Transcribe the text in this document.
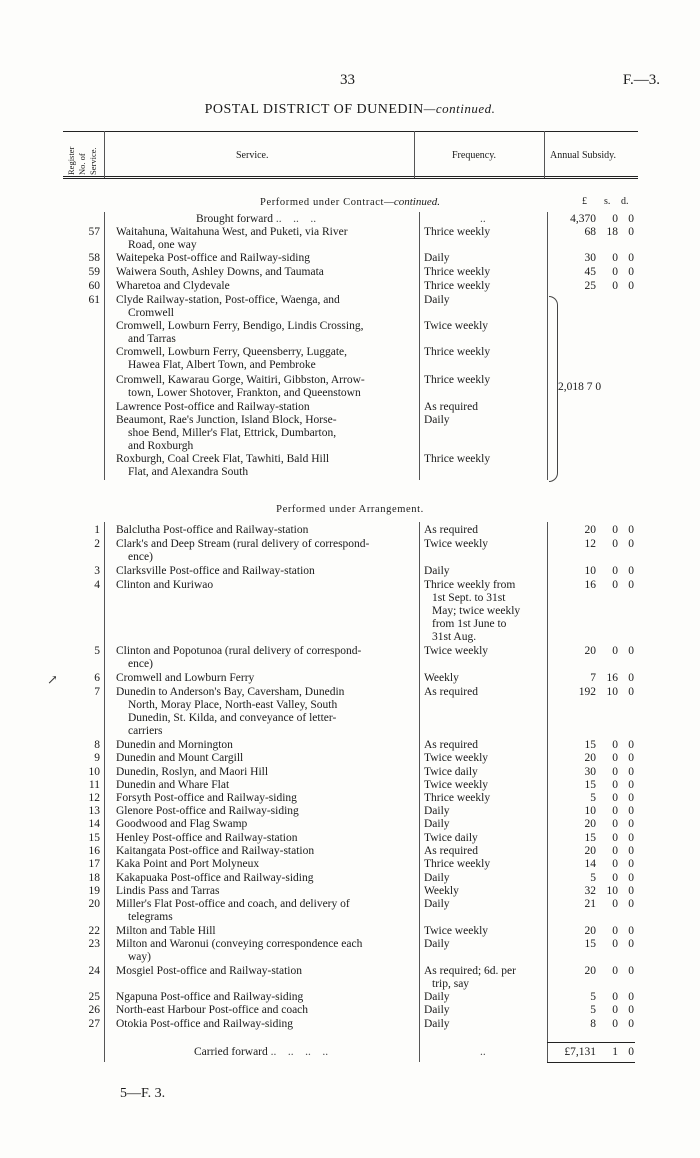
33	F.—3.
POSTAL DISTRICT OF DUNEDIN—continued.
Register No. of Service.	Service.	Frequency.	Annual Subsidy.
Performed under Contract—continued.	£ s. d.
Brought forward ..    ..    ..	..	4,370	0 0
57 Waitahuna, Waitahuna West, and Puketi, via River
Road, one way
Thrice weekly	68 18 0
58 Waitepeka Post-office and Railway-siding	Daily	30	0 0
59 Waiwera South, Ashley Downs, and Taumata	Thrice weekly	45	0 0
60 Wharetoa and Clydevale	Thrice weekly	25	0 0
61 Clyde Railway-station, Post-office, Waenga, and
Cromwell
Daily
Cromwell, Lowburn Ferry, Bendigo, Lindis Crossing,
and Tarras
Twice weekly
Cromwell, Lowburn Ferry, Queensberry, Luggate,
Hawea Flat, Albert Town, and Pembroke
Thrice weekly
Cromwell, Kawarau Gorge, Waitiri, Gibbston, Arrow-
town, Lower Shotover, Frankton, and Queenstown
Thrice weekly
Lawrence Post-office and Railway-station	As required
Beaumont, Rae's Junction, Island Block, Horse-
shoe Bend, Miller's Flat, Ettrick, Dumbarton,
and Roxburgh
Daily
Roxburgh, Coal Creek Flat, Tawhiti, Bald Hill
Flat, and Alexandra South
Thrice weekly
2,018 7 0
Performed under Arrangement.
1 Balclutha Post-office and Railway-station	As required	20	0 0
2 Clark's and Deep Stream (rural delivery of correspond-
ence)
Twice weekly	12	0 0
3 Clarksville Post-office and Railway-station	Daily	10	0 0
4 Clinton and Kuriwao	Thrice weekly from
1st Sept. to 31st
May; twice weekly
from 1st June to
31st Aug.
16	0 0
5 Clinton and Popotunoa (rural delivery of correspond-
ence)
Twice weekly	20	0 0
6 Cromwell and Lowburn Ferry	Weekly	7 16 0
7 Dunedin to Anderson's Bay, Caversham, Dunedin
North, Moray Place, North-east Valley, South
Dunedin, St. Kilda, and conveyance of letter-
carriers
As required	192 10 0
8 Dunedin and Mornington	As required	15	0 0
9 Dunedin and Mount Cargill	Twice weekly	20	0 0
10 Dunedin, Roslyn, and Maori Hill	Twice daily	30	0 0
11 Dunedin and Whare Flat	Twice weekly	15	0 0
12 Forsyth Post-office and Railway-siding	Thrice weekly	5	0 0
13 Glenore Post-office and Railway-siding	Daily	10	0 0
14 Goodwood and Flag Swamp	Daily	20	0 0
15 Henley Post-office and Railway-station	Twice daily	15	0 0
16 Kaitangata Post-office and Railway-station	As required	20	0 0
17 Kaka Point and Port Molyneux	Thrice weekly	14	0 0
18 Kakapuaka Post-office and Railway-siding	Daily	5	0 0
19 Lindis Pass and Tarras	Weekly	32 10 0
20 Miller's Flat Post-office and coach, and delivery of
telegrams
Daily	21	0 0
22 Milton and Table Hill	Twice weekly	20	0 0
23 Milton and Waronui (conveying correspondence each
way)
Daily	15	0 0
24 Mosgiel Post-office and Railway-station	As required; 6d. per
trip, say
20	0 0
25 Ngapuna Post-office and Railway-siding	Daily	5	0 0
26 North-east Harbour Post-office and coach	Daily	5	0 0
27 Otokia Post-office and Railway-siding	Daily	8	0 0
Carried forward ..    ..    ..    ..	..	£7,131	1 0
5—F. 3.
↗
